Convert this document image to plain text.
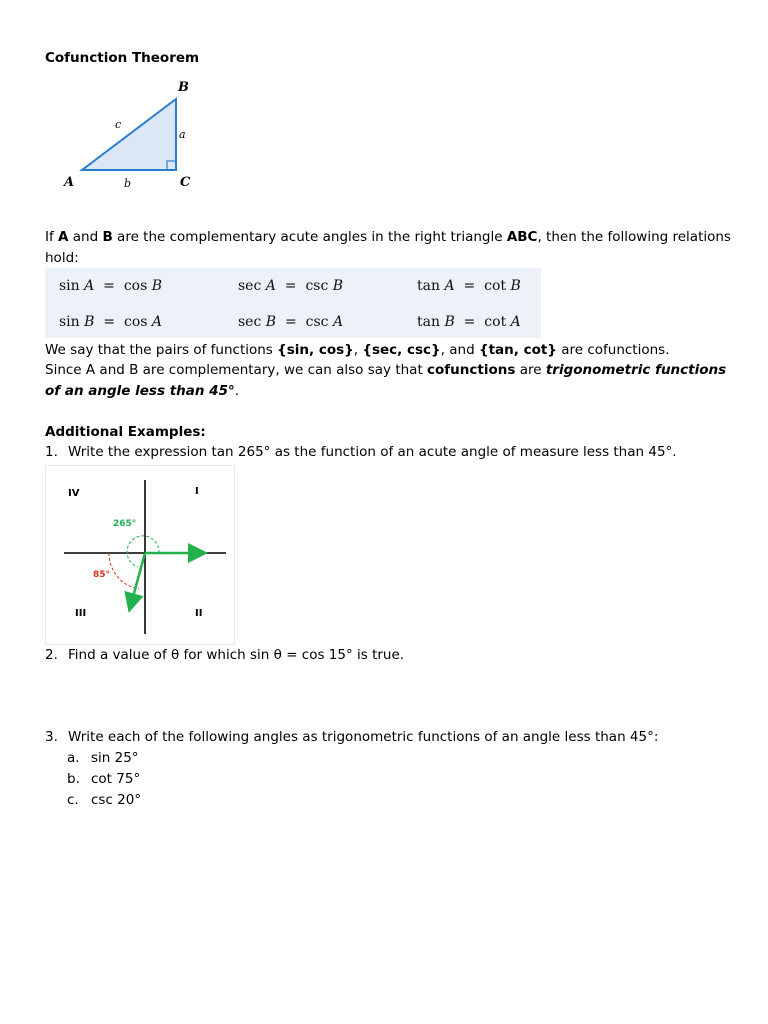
Cofunction Theorem
B
c
a
A	b	C
If A and B are the complementary acute angles in the right triangle ABC, then the following relations hold:
sin A = cos B	sec A = csc B	tan A = cot B
sin B = cos A	sec B = csc A	tan B = cot A
We say that the pairs of functions {sin, cos}, {sec, csc}, and {tan, cot} are cofunctions.
Since A and B are complementary, we can also say that cofunctions are trigonometric functions of an angle less than 45°.
Additional Examples:
1. Write the expression tan 265° as the function of an acute angle of measure less than 45°.
IV	I
III	II
265°
85°
2. Find a value of θ for which sin θ = cos 15° is true.
3. Write each of the following angles as trigonometric functions of an angle less than 45°:
a. sin 25°
b. cot 75°
c. csc 20°
